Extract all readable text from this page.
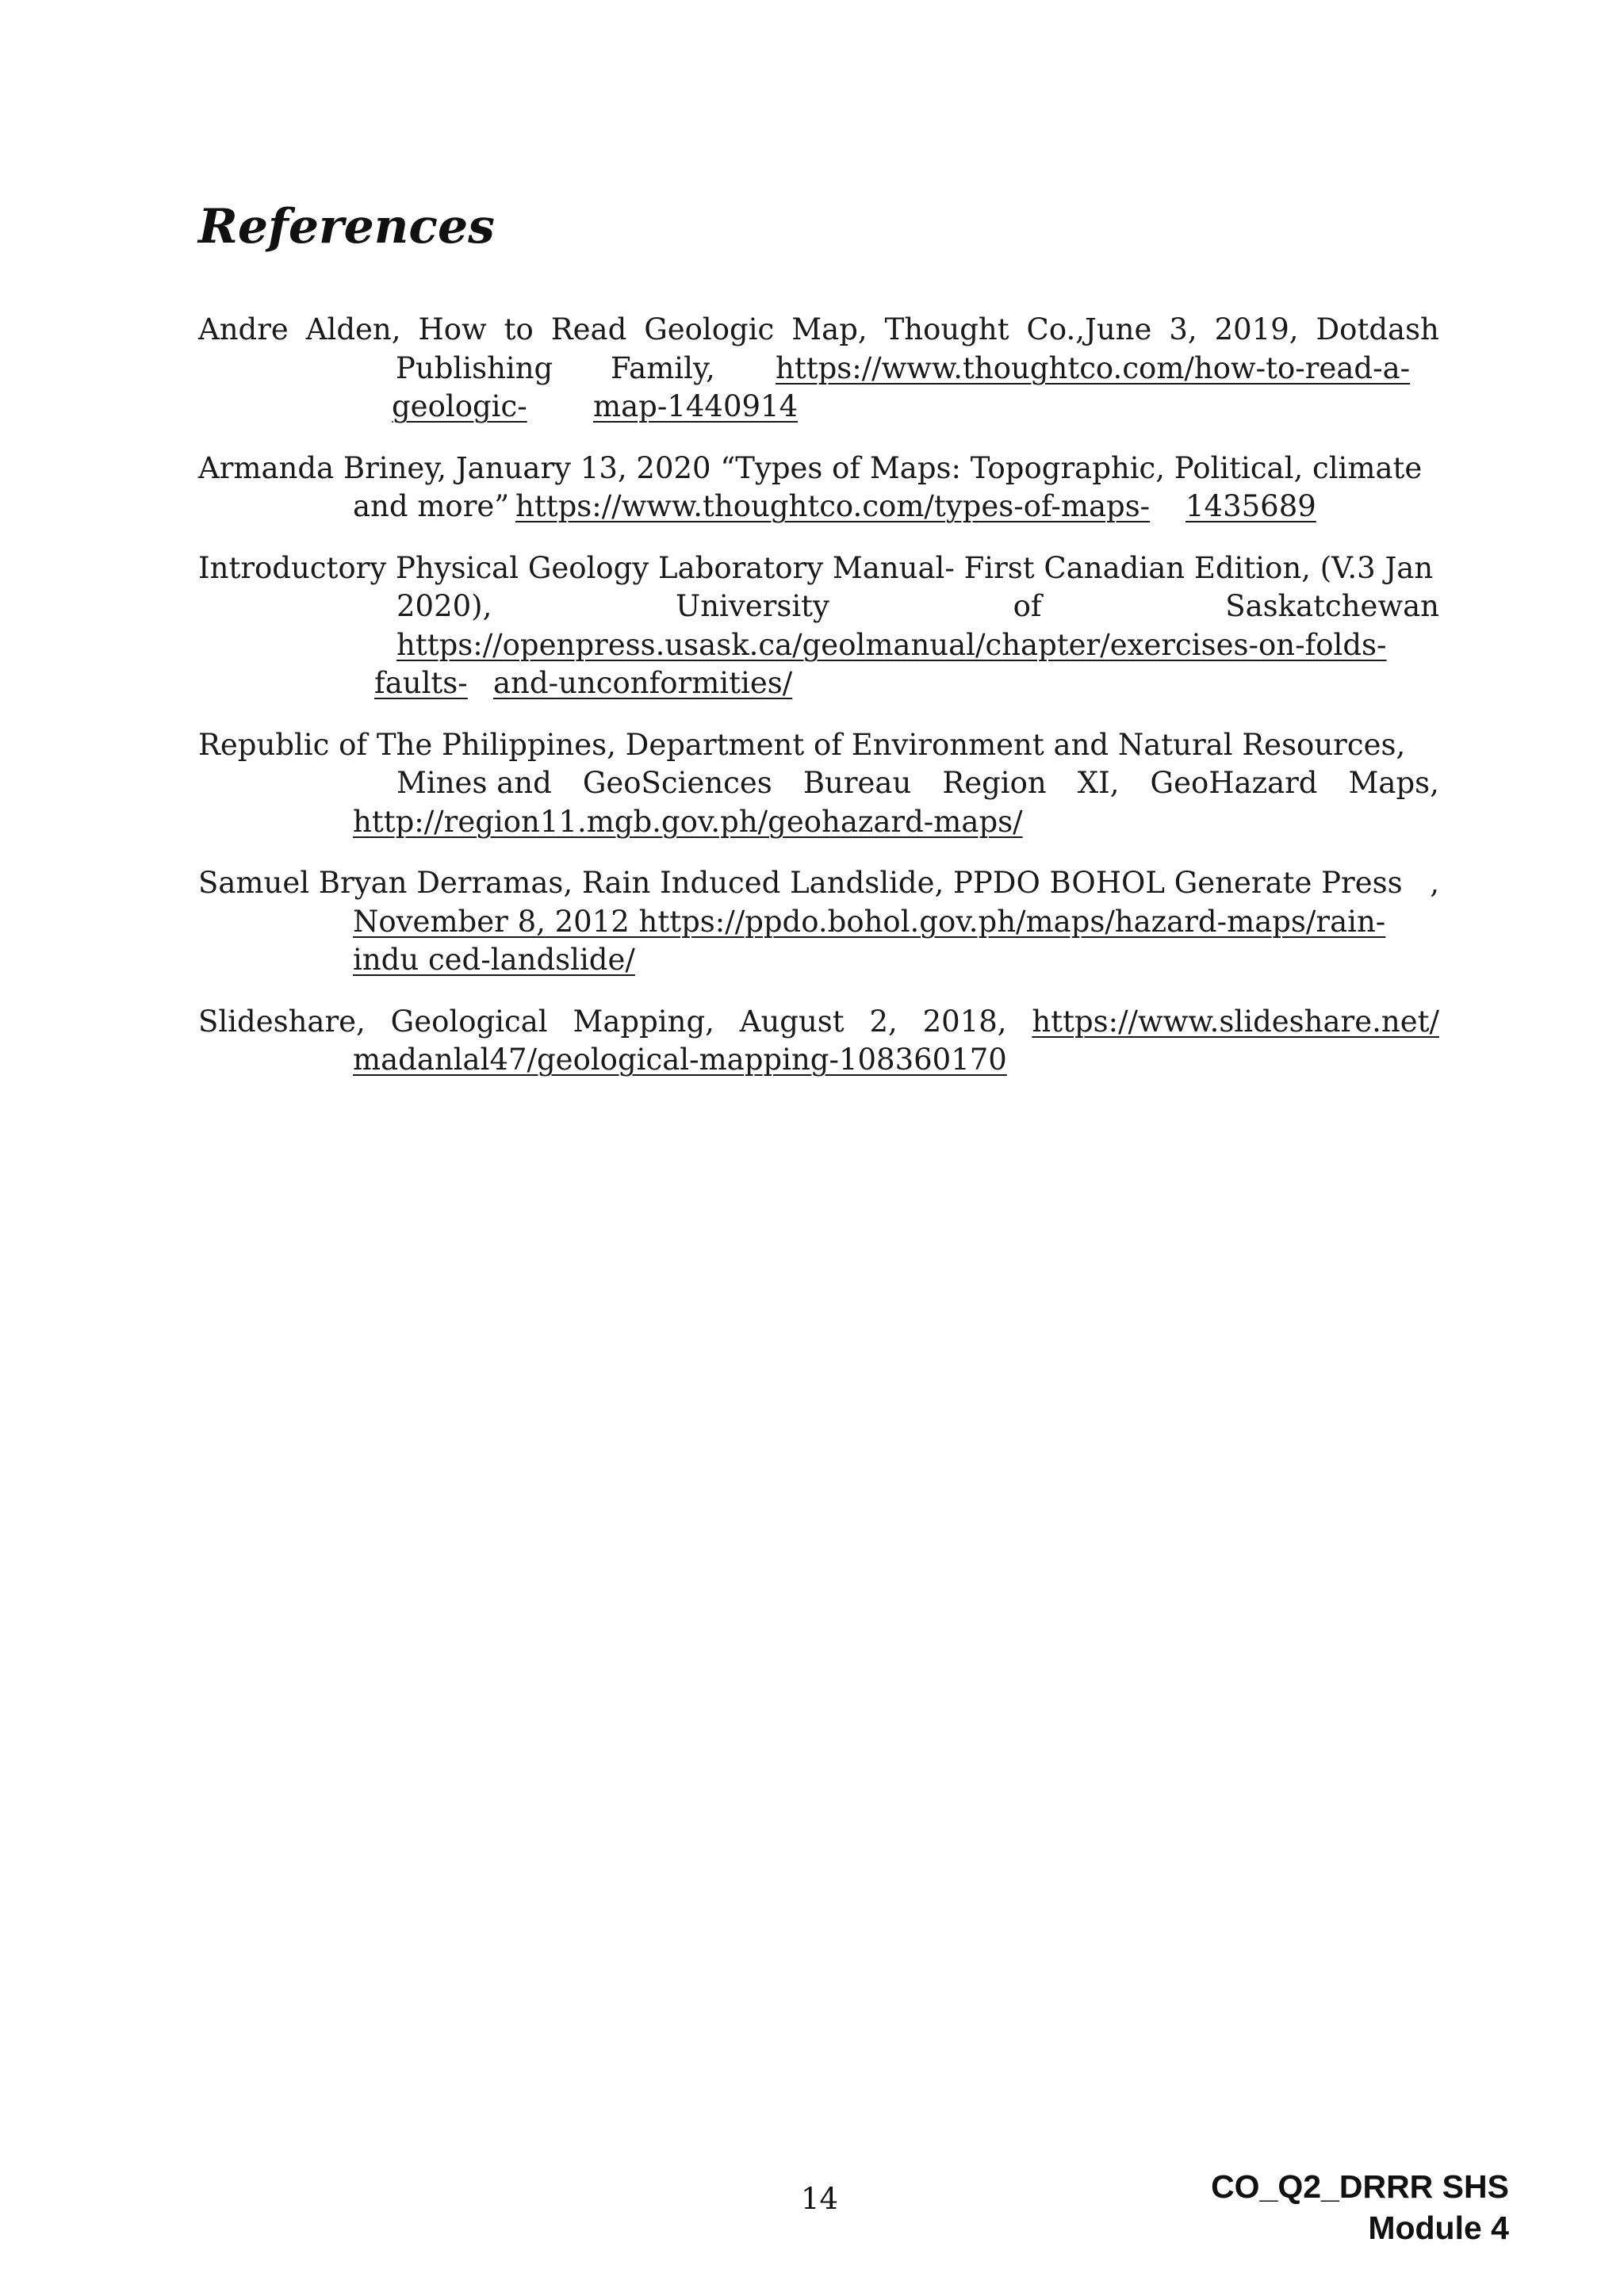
References
Andre Alden, How to Read Geologic Map, Thought Co.,June 3, 2019, Dotdash
Publishing Family, https://www.thoughtco.com/how-to-read-a-
geologic- map-1440914
Armanda Briney, January 13, 2020 “Types of Maps: Topographic, Political, climate
and more” https://www.thoughtco.com/types-of-maps- 1435689
Introductory Physical Geology Laboratory Manual- First Canadian Edition, (V.3 Jan
2020),	University	of	Saskatchewan
https://openpress.usask.ca/geolmanual/chapter/exercises-on-folds-
faults- and-unconformities/
Republic of The Philippines, Department of Environment and Natural Resources,
Mines and GeoSciences Bureau Region XI, GeoHazard Maps,
http://region11.mgb.gov.ph/geohazard-maps/
Samuel Bryan Derramas, Rain Induced Landslide, PPDO BOHOL Generate Press ,
November 8, 2012 https://ppdo.bohol.gov.ph/maps/hazard-maps/rain-
indu ced-landslide/
Slideshare, Geological Mapping, August 2, 2018, https://www.slideshare.net/
madanlal47/geological-mapping-108360170
14	CO_Q2_DRRR SHS
Module 4
